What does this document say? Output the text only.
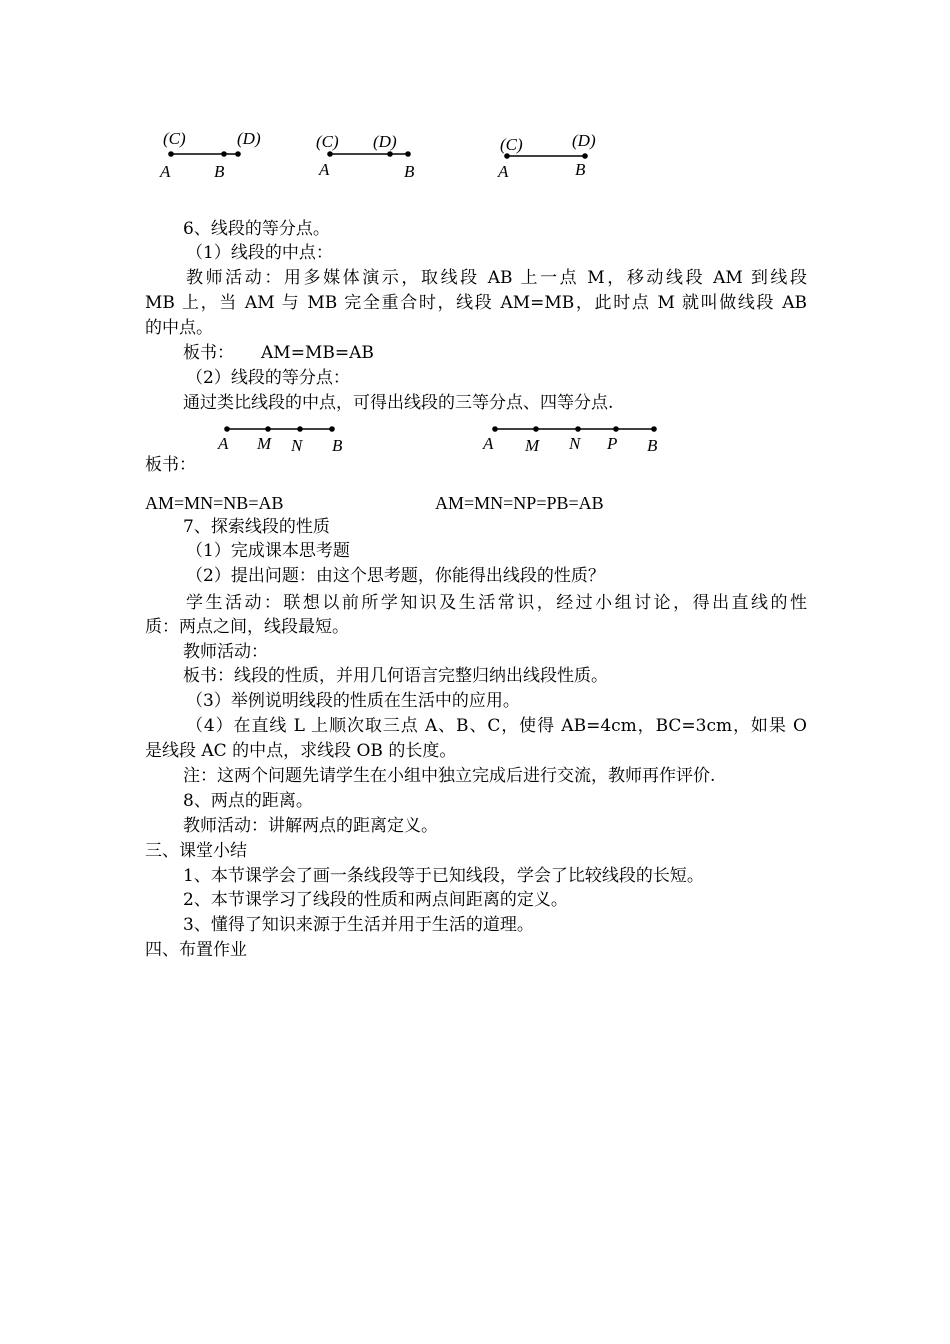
(C)	(D)
A	B
(C) (D)
A	B
(C)	(D)
A	B
A M N B	A M N P B
6、线段的等分点。
（1）线段的中点：
教师活动：用多媒体演示，取线段 AB 上一点 M，移动线段 AM 到线段
MB 上，当 AM 与 MB 完全重合时，线段 AM=MB，此时点 M 就叫做线段 AB
的中点。
板书：     AM=MB=AB
（2）线段的等分点：
通过类比线段的中点，可得出线段的三等分点、四等分点.
板书：
AM=MN=NB=AB	AM=MN=NP=PB=AB
7、探索线段的性质
（1）完成课本思考题
（2）提出问题：由这个思考题，你能得出线段的性质？
学生活动：联想以前所学知识及生活常识，经过小组讨论，得出直线的性
质：两点之间，线段最短。
教师活动：
板书：线段的性质，并用几何语言完整归纳出线段性质。
（3）举例说明线段的性质在生活中的应用。
（4）在直线 L 上顺次取三点 A、B、C，使得 AB=4cm，BC=3cm，如果 O
是线段 AC 的中点，求线段 OB 的长度。
注：这两个问题先请学生在小组中独立完成后进行交流，教师再作评价.
8、两点的距离。
教师活动：讲解两点的距离定义。
三、课堂小结
1、本节课学会了画一条线段等于已知线段，学会了比较线段的长短。
2、本节课学习了线段的性质和两点间距离的定义。
3、懂得了知识来源于生活并用于生活的道理。
四、布置作业
